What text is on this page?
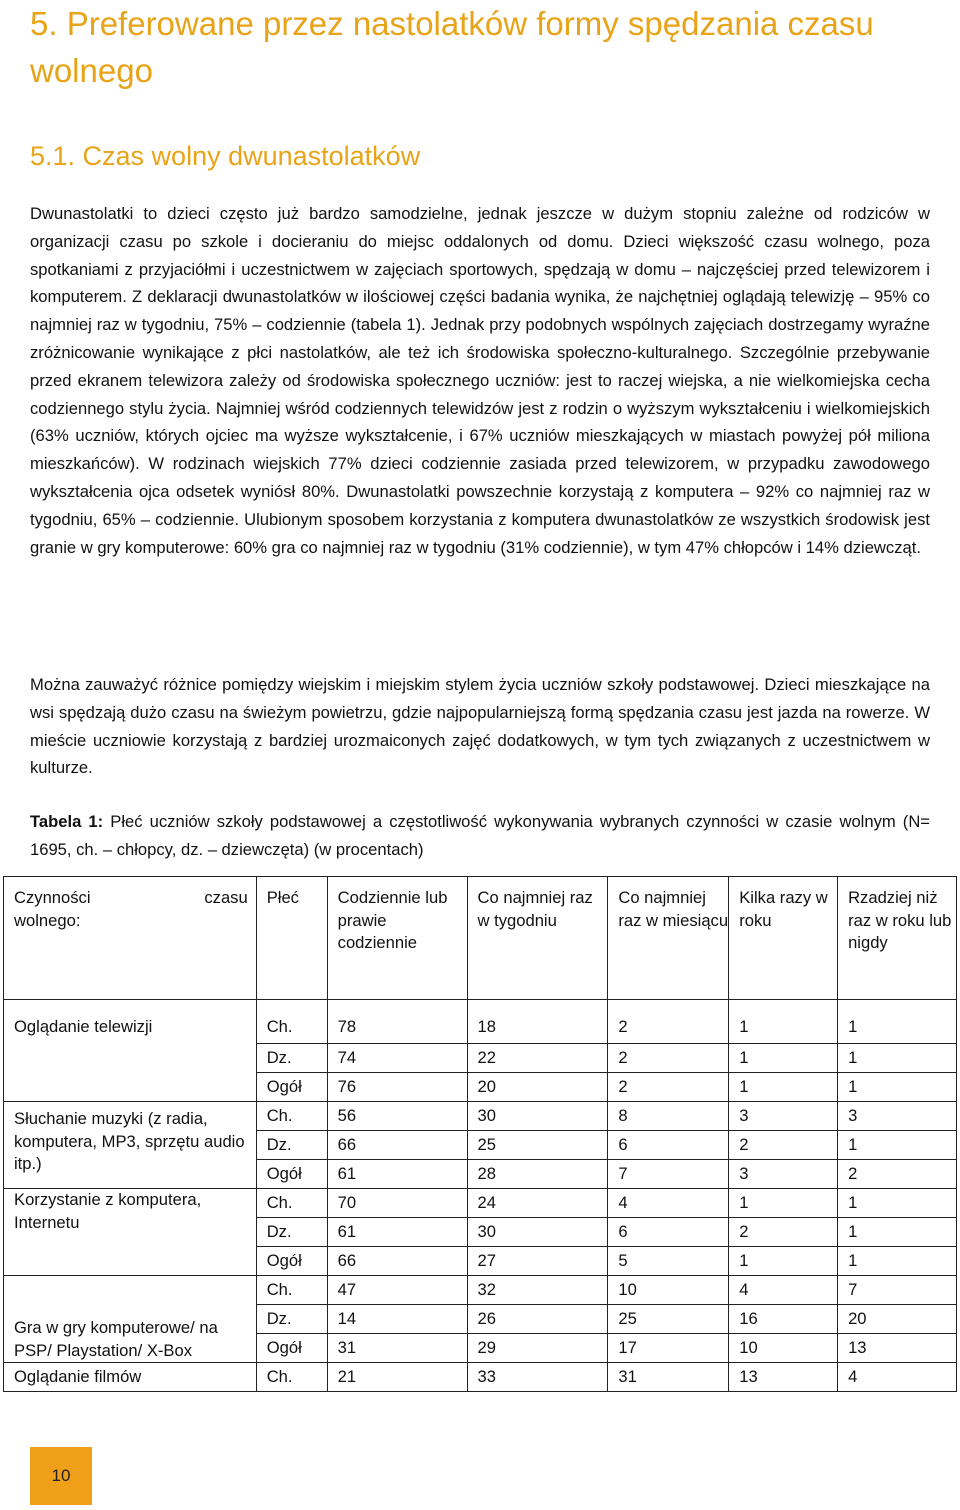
5. Preferowane przez nastolatków formy spędzania czasu wolnego
5.1. Czas wolny dwunastolatków

Dwunastolatki to dzieci często już bardzo samodzielne, jednak jeszcze w dużym stopniu zależne od rodziców w organizacji czasu po szkole i docieraniu do miejsc oddalonych od domu. Dzieci większość czasu wolnego, poza spotkaniami z przyjaciółmi i uczestnictwem w zajęciach sportowych, spędzają w domu – najczęściej przed telewizorem i komputerem. Z deklaracji dwunastolatków w ilościowej części badania wynika, że najchętniej oglądają telewizję – 95% co najmniej raz w tygodniu, 75% – codziennie (tabela 1). Jednak przy podobnych wspólnych zajęciach dostrzegamy wyraźne zróżnicowanie wynikające z płci nastolatków, ale też ich środowiska społeczno-kulturalnego. Szczególnie przebywanie przed ekranem telewizora zależy od środowiska społecznego uczniów: jest to raczej wiejska, a nie wielkomiejska cecha codziennego stylu życia. Najmniej wśród codziennych telewidzów jest z rodzin o wyższym wykształceniu i wielkomiejskich (63% uczniów, których ojciec ma wyższe wykształcenie, i 67% uczniów mieszkających w miastach powyżej pół miliona mieszkańców). W rodzinach wiejskich 77% dzieci codziennie zasiada przed telewizorem, w przypadku zawodowego wykształcenia ojca odsetek wyniósł 80%. Dwunastolatki powszechnie korzystają z komputera – 92% co najmniej raz w tygodniu, 65% – codziennie. Ulubionym sposobem korzystania z komputera dwunastolatków ze wszystkich środowisk jest granie w gry komputerowe: 60% gra co najmniej raz w tygodniu (31% codziennie), w tym 47% chłopców i 14% dziewcząt.

Można zauważyć różnice pomiędzy wiejskim i miejskim stylem życia uczniów szkoły podstawowej. Dzieci mieszkające na wsi spędzają dużo czasu na świeżym powietrzu, gdzie najpopularniejszą formą spędzania czasu jest jazda na rowerze. W mieście uczniowie korzystają z bardziej urozmaiconych zajęć dodatkowych, w tym tych związanych z uczestnictwem w kulturze.

Tabela 1: Płeć uczniów szkoły podstawowej a częstotliwość wykonywania wybranych czynności w czasie wolnym (N= 1695, ch. – chłopcy, dz. – dziewczęta) (w procentach)

Czynności czasu
wolnego:	Płeć	Codziennie lub prawie codziennie	Co najmniej raz w tygodniu	Co najmniej raz w miesiącu	Kilka razy w roku	Rzadziej niż raz w roku lub nigdy
Oglądanie telewizji	Ch.	78	18	2	1	1
	Dz.	74	22	2	1	1
	Ogół	76	20	2	1	1
Słuchanie muzyki (z radia, komputera, MP3, sprzętu audio itp.)	Ch.	56	30	8	3	3
	Dz.	66	25	6	2	1
	Ogół	61	28	7	3	2
Korzystanie z komputera, Internetu	Ch.	70	24	4	1	1
	Dz.	61	30	6	2	1
	Ogół	66	27	5	1	1
Gra w gry komputerowe/ na PSP/ Playstation/ X-Box	Ch.	47	32	10	4	7
	Dz.	14	26	25	16	20
	Ogół	31	29	17	10	13
Oglądanie filmów	Ch.	21	33	31	13	4
10
